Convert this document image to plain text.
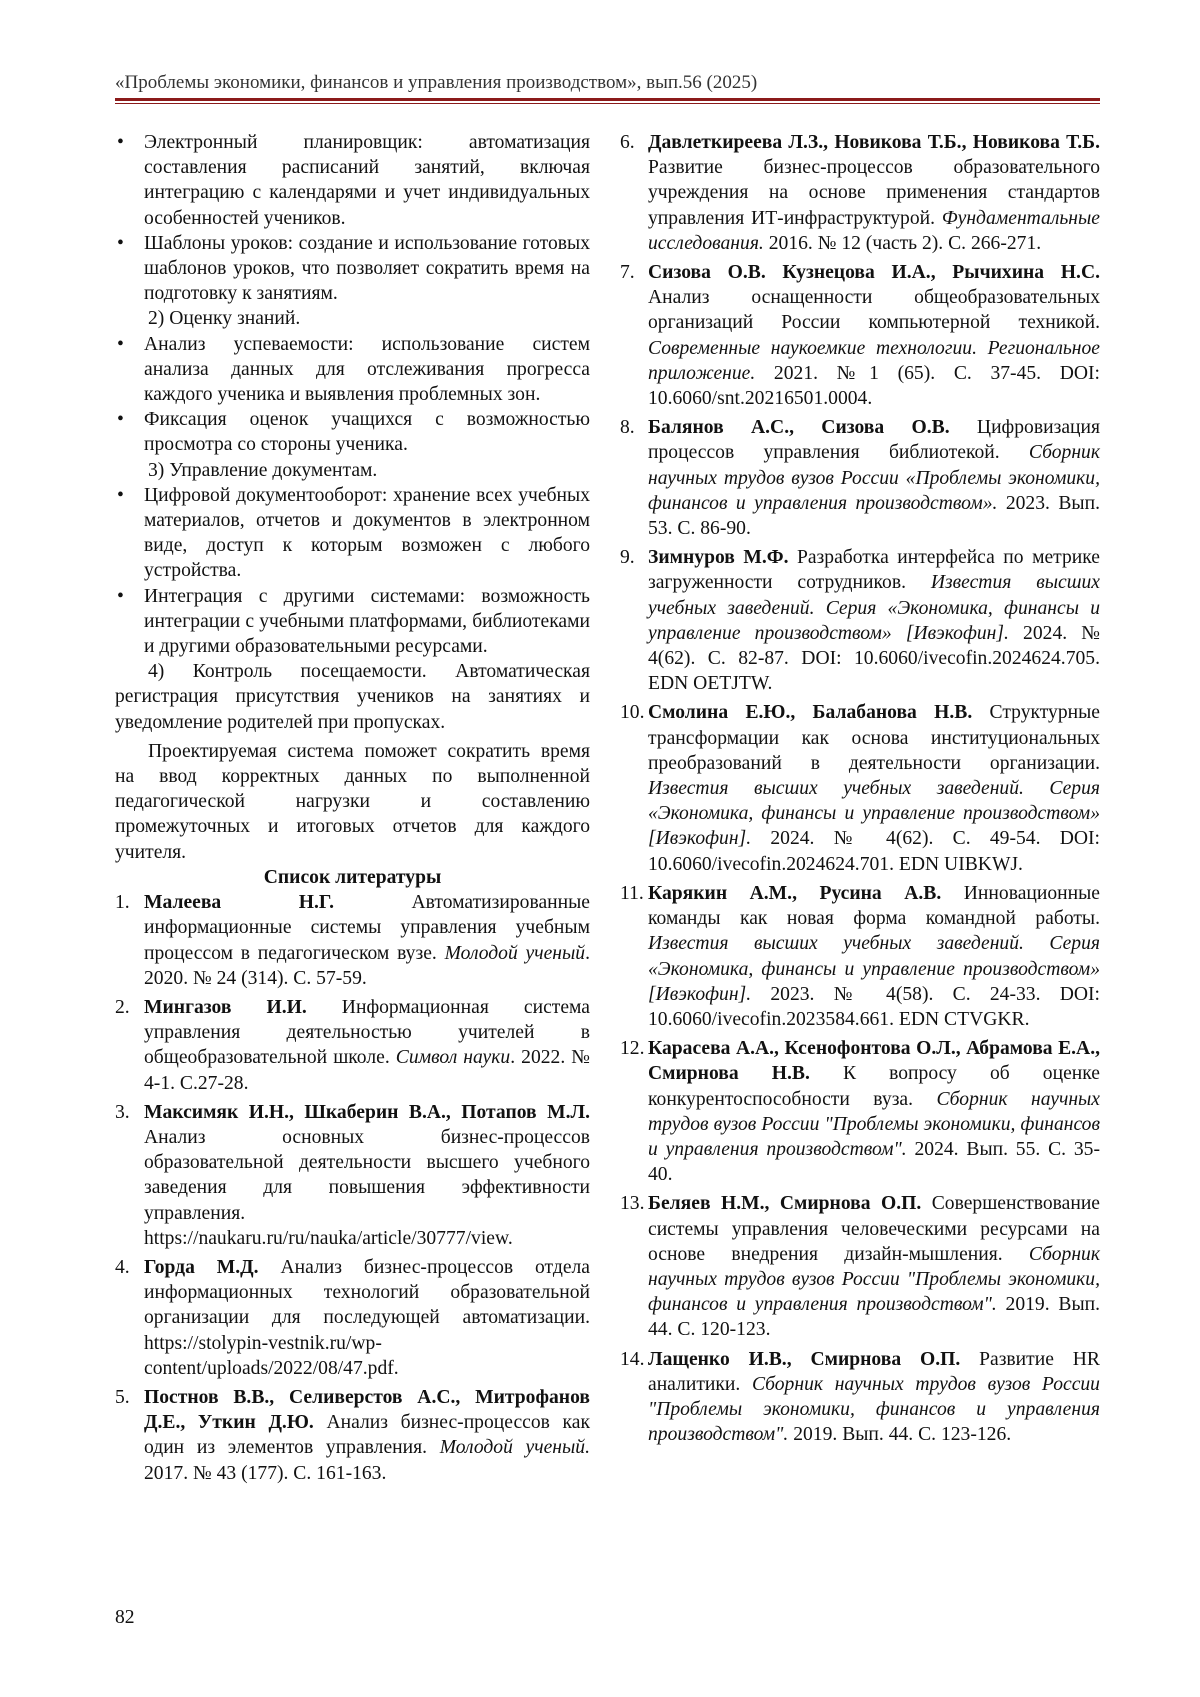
«Проблемы экономики, финансов и управления производством», вып.56 (2025)
• Электронный планировщик: автоматизация составления расписаний занятий, включая интеграцию с календарями и учет индивидуальных особенностей учеников.
• Шаблоны уроков: создание и использование готовых шаблонов уроков, что позволяет сократить время на подготовку к занятиям.
2) Оценку знаний.
• Анализ успеваемости: использование систем анализа данных для отслеживания прогресса каждого ученика и выявления проблемных зон.
• Фиксация оценок учащихся с возможностью просмотра со стороны ученика.
3) Управление документам.
• Цифровой документооборот: хранение всех учебных материалов, отчетов и документов в электронном виде, доступ к которым возможен с любого устройства.
• Интеграция с другими системами: возможность интеграции с учебными платформами, библиотеками и другими образовательными ресурсами.
4) Контроль посещаемости. Автоматическая регистрация присутствия учеников на занятиях и уведомление родителей при пропусках.
Проектируемая система поможет сократить время на ввод корректных данных по выполненной педагогической нагрузки и составлению промежуточных и итоговых отчетов для каждого учителя.
Список литературы
1. Малеева Н.Г. Автоматизированные информационные системы управления учебным процессом в педагогическом вузе. Молодой ученый. 2020. № 24 (314). С. 57-59.
2. Мингазов И.И. Информационная система управления деятельностью учителей в общеобразовательной школе. Символ науки. 2022. № 4-1. С.27-28.
3. Максимяк И.Н., Шкаберин В.А., Потапов М.Л. Анализ основных бизнес-процессов образовательной деятельности высшего учебного заведения для повышения эффективности управления. https://naukaru.ru/ru/nauka/article/30777/view.
4. Горда М.Д. Анализ бизнес-процессов отдела информационных технологий образовательной организации для последующей автоматизации. https://stolypin-vestnik.ru/wp-content/uploads/2022/08/47.pdf.
5. Постнов В.В., Селиверстов А.С., Митрофанов Д.Е., Уткин Д.Ю. Анализ бизнес-процессов как один из элементов управления. Молодой ученый. 2017. № 43 (177). С. 161-163.
6. Давлеткиреева Л.З., Новикова Т.Б., Новикова Т.Б. Развитие бизнес-процессов образовательного учреждения на основе применения стандартов управления ИТ-инфраструктурой. Фундаментальные исследования. 2016. № 12 (часть 2). С. 266-271.
7. Сизова О.В. Кузнецова И.А., Рычихина Н.С. Анализ оснащенности общеобразовательных организаций России компьютерной техникой. Современные наукоемкие технологии. Региональное приложение. 2021. №1 (65). С. 37-45. DOI: 10.6060/snt.20216501.0004.
8. Балянов А.С., Сизова О.В. Цифровизация процессов управления библиотекой. Сборник научных трудов вузов России «Проблемы экономики, финансов и управления производством». 2023. Вып. 53. С. 86-90.
9. Зимнуров М.Ф. Разработка интерфейса по метрике загруженности сотрудников. Известия высших учебных заведений. Серия «Экономика, финансы и управление производством» [Ивэкофин]. 2024. № 4(62). С. 82-87. DOI: 10.6060/ivecofin.2024624.705. EDN OETJTW.
10. Смолина Е.Ю., Балабанова Н.В. Структурные трансформации как основа институциональных преобразований в деятельности организации. Известия высших учебных заведений. Серия «Экономика, финансы и управление производством» [Ивэкофин]. 2024. № 4(62). С. 49-54. DOI: 10.6060/ivecofin.2024624.701. EDN UIBKWJ.
11. Карякин А.М., Русина А.В. Инновационные команды как новая форма командной работы. Известия высших учебных заведений. Серия «Экономика, финансы и управление производством» [Ивэкофин]. 2023. № 4(58). С. 24-33. DOI: 10.6060/ivecofin.2023584.661. EDN CTVGKR.
12. Карасева А.А., Ксенофонтова О.Л., Абрамова Е.А., Смирнова Н.В. К вопросу об оценке конкурентоспособности вуза. Сборник научных трудов вузов России "Проблемы экономики, финансов и управления производством". 2024. Вып. 55. С. 35-40.
13. Беляев Н.М., Смирнова О.П. Совершенствование системы управления человеческими ресурсами на основе внедрения дизайн-мышления. Сборник научных трудов вузов России "Проблемы экономики, финансов и управления производством". 2019. Вып. 44. С. 120-123.
14. Лащенко И.В., Смирнова О.П. Развитие HR аналитики. Сборник научных трудов вузов России "Проблемы экономики, финансов и управления производством". 2019. Вып. 44. С. 123-126.
82
